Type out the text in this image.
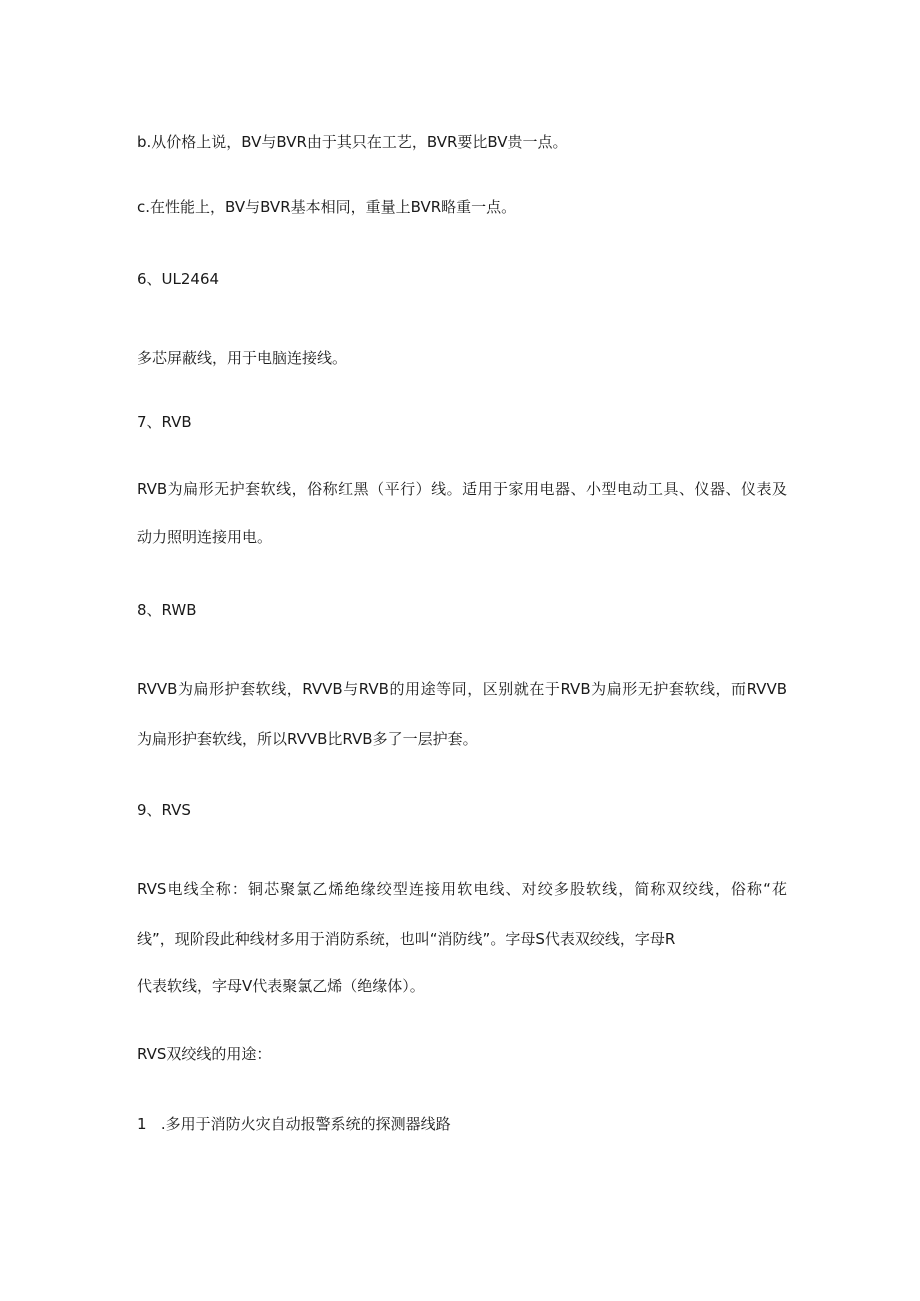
b.从价格上说，BV与BVR由于其只在工艺，BVR要比BV贵一点。
c.在性能上，BV与BVR基本相同，重量上BVR略重一点。
6、UL2464
多芯屏蔽线，用于电脑连接线。
7、RVB
RVB为扁形无护套软线，俗称红黑（平行）线。适用于家用电器、小型电动工具、仪器、仪表及
动力照明连接用电。
8、RWB
RVVB为扁形护套软线，RVVB与RVB的用途等同，区别就在于RVB为扁形无护套软线，而RVVB
为扁形护套软线，所以RVVB比RVB多了一层护套。
9、RVS
RVS电线全称：铜芯聚氯乙烯绝缘绞型连接用软电线、对绞多股软线，简称双绞线，俗称“花
线”，现阶段此种线材多用于消防系统，也叫“消防线”。字母S代表双绞线，字母R
代表软线，字母V代表聚氯乙烯（绝缘体）。
RVS双绞线的用途：
1   .多用于消防火灾自动报警系统的探测器线路
